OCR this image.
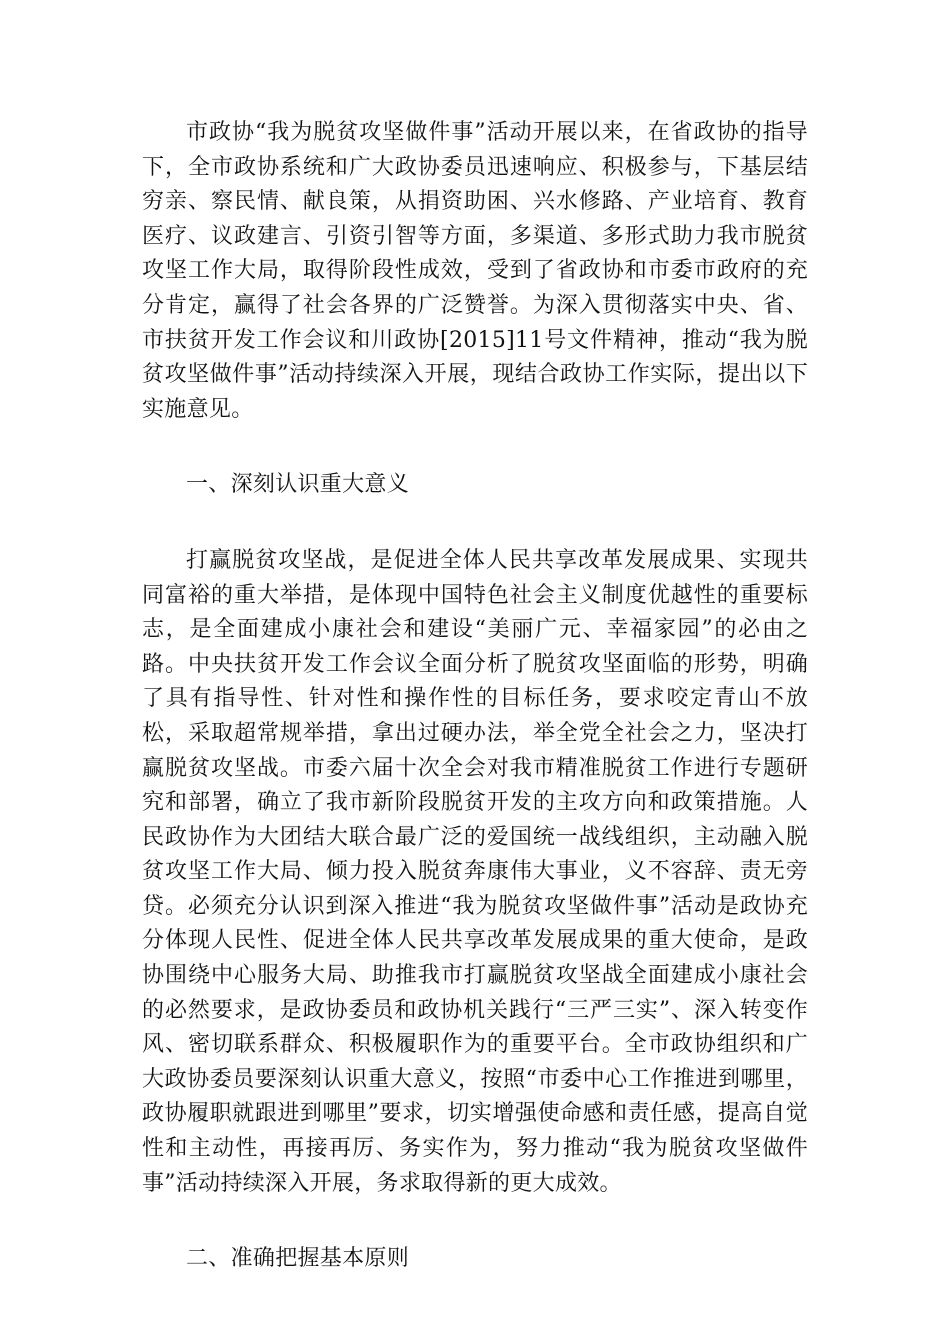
市政协“我为脱贫攻坚做件事”活动开展以来，在省政协的指导下，全市政协系统和广大政协委员迅速响应、积极参与，下基层结穷亲、察民情、献良策，从捐资助困、兴水修路、产业培育、教育医疗、议政建言、引资引智等方面，多渠道、多形式助力我市脱贫攻坚工作大局，取得阶段性成效，受到了省政协和市委市政府的充分肯定，赢得了社会各界的广泛赞誉。为深入贯彻落实中央、省、市扶贫开发工作会议和川政协[2015]11号文件精神，推动“我为脱贫攻坚做件事”活动持续深入开展，现结合政协工作实际，提出以下实施意见。

一、深刻认识重大意义

打赢脱贫攻坚战，是促进全体人民共享改革发展成果、实现共同富裕的重大举措，是体现中国特色社会主义制度优越性的重要标志，是全面建成小康社会和建设“美丽广元、幸福家园”的必由之路。中央扶贫开发工作会议全面分析了脱贫攻坚面临的形势，明确了具有指导性、针对性和操作性的目标任务，要求咬定青山不放松，采取超常规举措，拿出过硬办法，举全党全社会之力，坚决打赢脱贫攻坚战。市委六届十次全会对我市精准脱贫工作进行专题研究和部署，确立了我市新阶段脱贫开发的主攻方向和政策措施。人民政协作为大团结大联合最广泛的爱国统一战线组织，主动融入脱贫攻坚工作大局、倾力投入脱贫奔康伟大事业，义不容辞、责无旁贷。必须充分认识到深入推进“我为脱贫攻坚做件事”活动是政协充分体现人民性、促进全体人民共享改革发展成果的重大使命，是政协围绕中心服务大局、助推我市打赢脱贫攻坚战全面建成小康社会的必然要求，是政协委员和政协机关践行“三严三实”、深入转变作风、密切联系群众、积极履职作为的重要平台。全市政协组织和广大政协委员要深刻认识重大意义，按照“市委中心工作推进到哪里，政协履职就跟进到哪里”要求，切实增强使命感和责任感，提高自觉性和主动性，再接再厉、务实作为，努力推动“我为脱贫攻坚做件事”活动持续深入开展，务求取得新的更大成效。

二、准确把握基本原则
